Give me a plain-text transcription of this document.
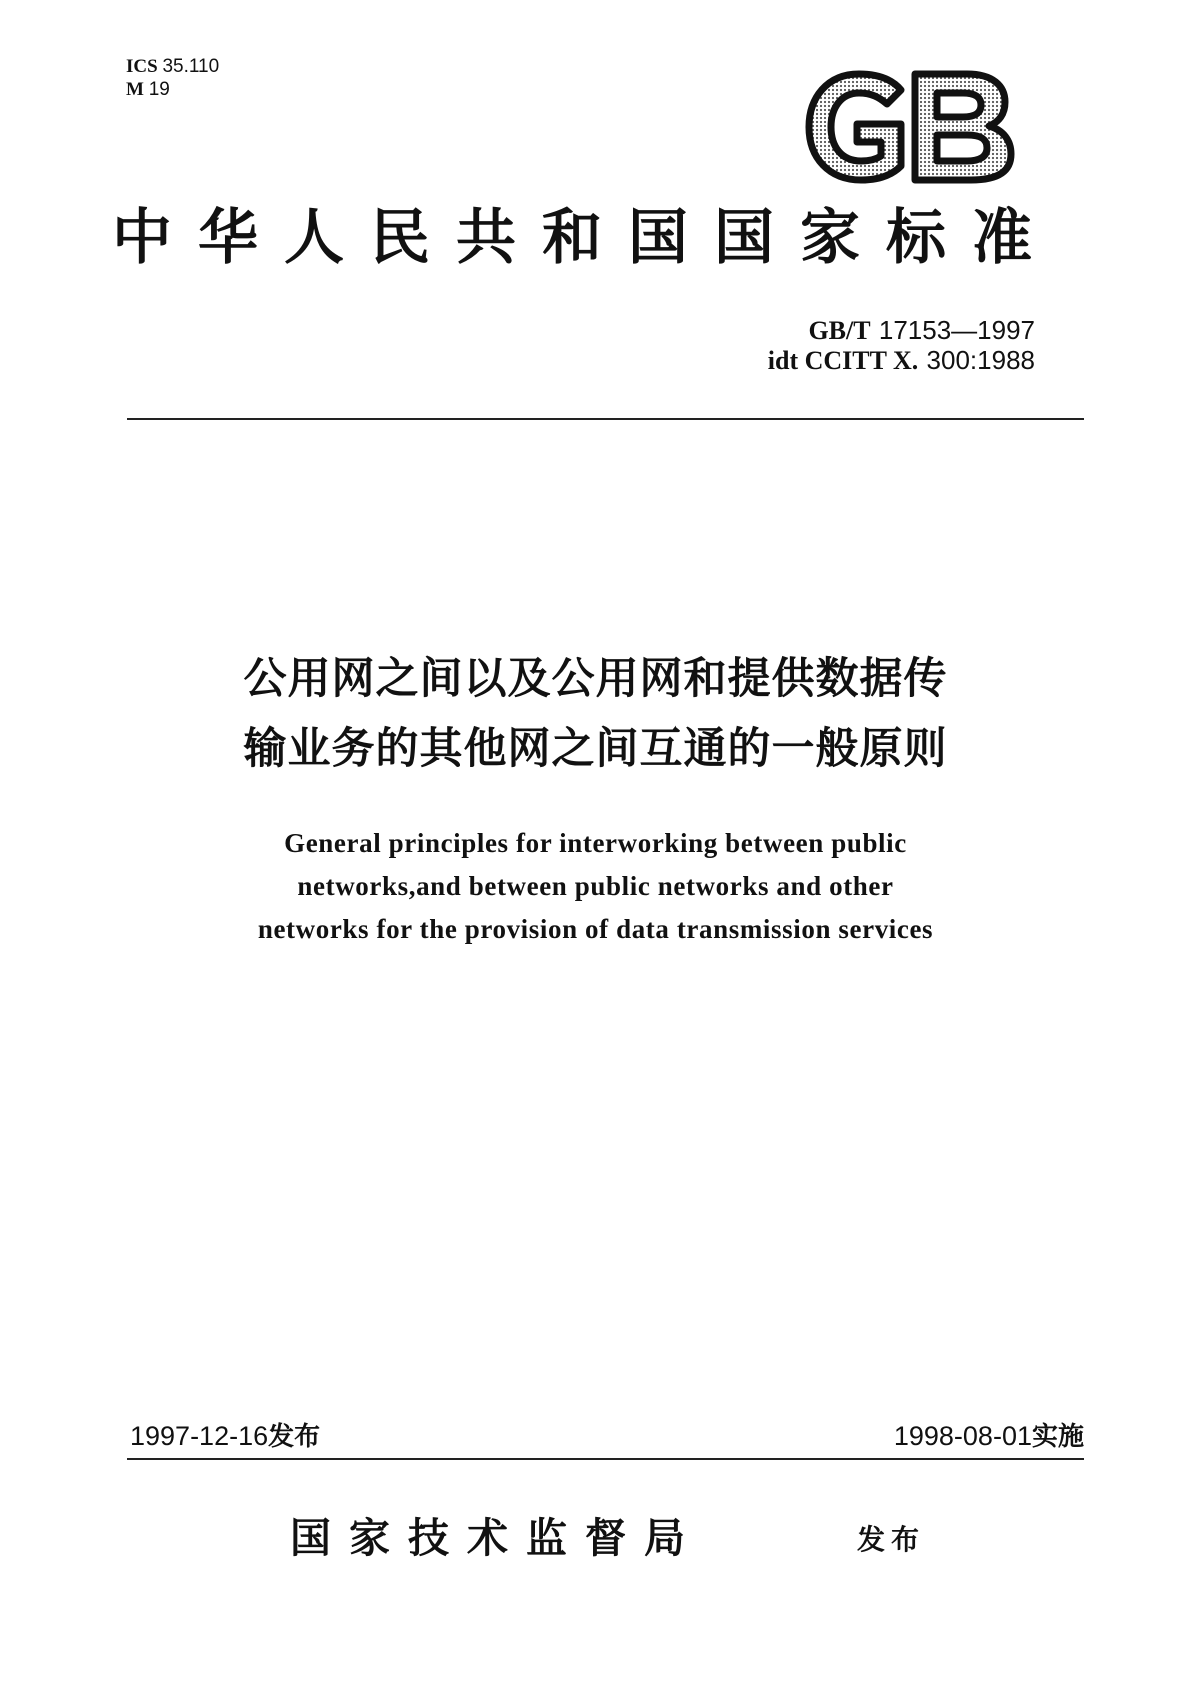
ICS 35.110
M 19
GB
中华人民共和国国家标准
GB/T 17153—1997
idt CCITT X. 300:1988
公用网之间以及公用网和提供数据传
输业务的其他网之间互通的一般原则
General principles for interworking between public
networks,and between public networks and other
networks for the provision of data transmission services
1997-12-16发布	1998-08-01实施
国家技术监督局	发布
